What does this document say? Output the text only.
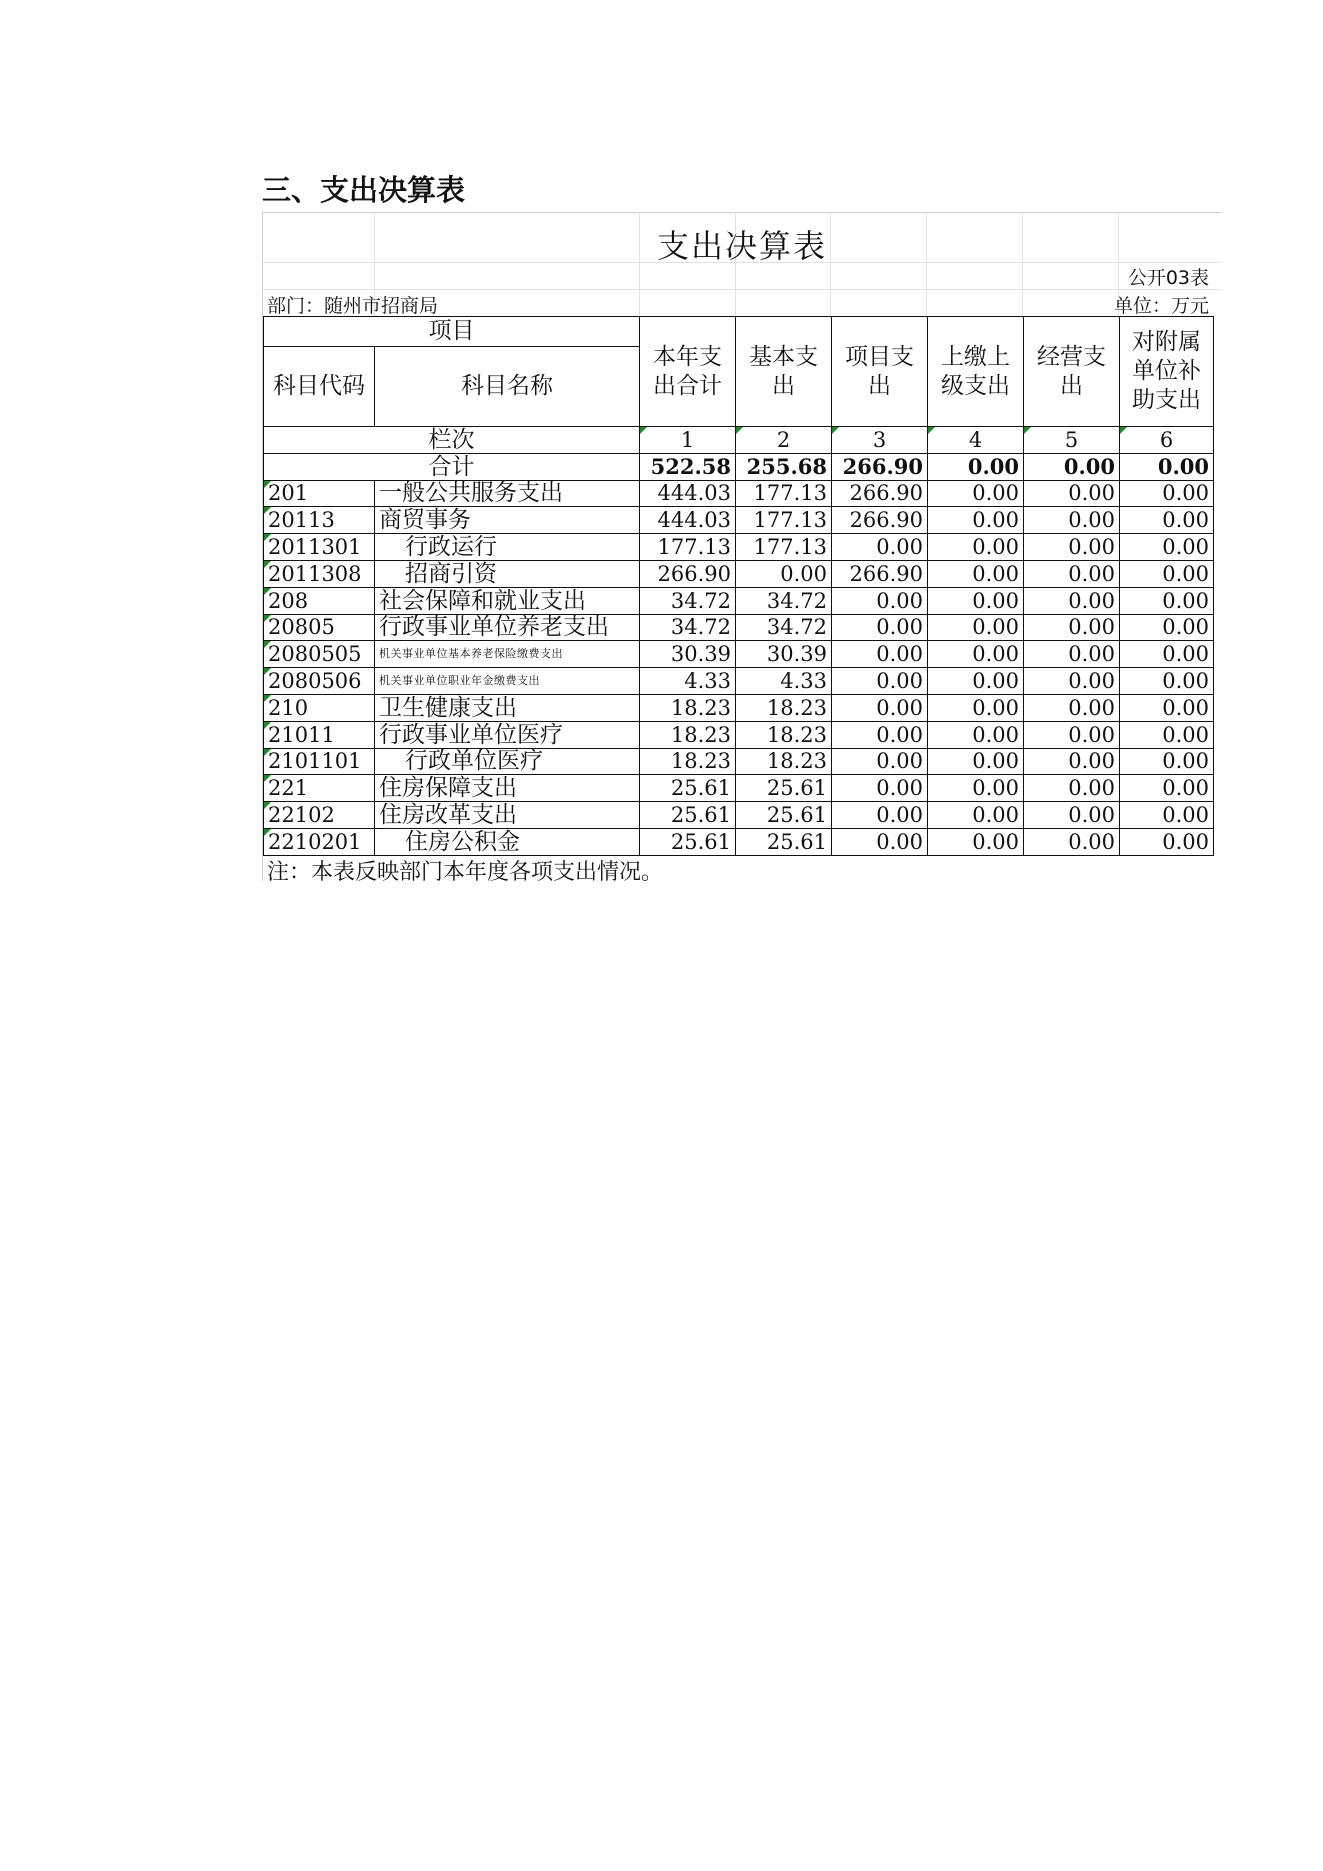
三、支出决算表
支出决算表
公开03表
部门：随州市招商局	单位：万元
项目		本年支出合计	基本支出	项目支出	上缴上级支出	经营支出	对附属单位补助支出
科目代码	科目名称						
栏次		1	2	3	4	5	6
合计		522.58	255.68	266.90	0.00	0.00	0.00
201	一般公共服务支出	444.03	177.13	266.90	0.00	0.00	0.00
20113	商贸事务	444.03	177.13	266.90	0.00	0.00	0.00
2011301	行政运行	177.13	177.13	0.00	0.00	0.00	0.00
2011308	招商引资	266.90	0.00	266.90	0.00	0.00	0.00
208	社会保障和就业支出	34.72	34.72	0.00	0.00	0.00	0.00
20805	行政事业单位养老支出	34.72	34.72	0.00	0.00	0.00	0.00
2080505	机关事业单位基本养老保险缴费支出	30.39	30.39	0.00	0.00	0.00	0.00
2080506	机关事业单位职业年金缴费支出	4.33	4.33	0.00	0.00	0.00	0.00
210	卫生健康支出	18.23	18.23	0.00	0.00	0.00	0.00
21011	行政事业单位医疗	18.23	18.23	0.00	0.00	0.00	0.00
2101101	行政单位医疗	18.23	18.23	0.00	0.00	0.00	0.00
221	住房保障支出	25.61	25.61	0.00	0.00	0.00	0.00
22102	住房改革支出	25.61	25.61	0.00	0.00	0.00	0.00
2210201	住房公积金	25.61	25.61	0.00	0.00	0.00	0.00
注：本表反映部门本年度各项支出情况。
